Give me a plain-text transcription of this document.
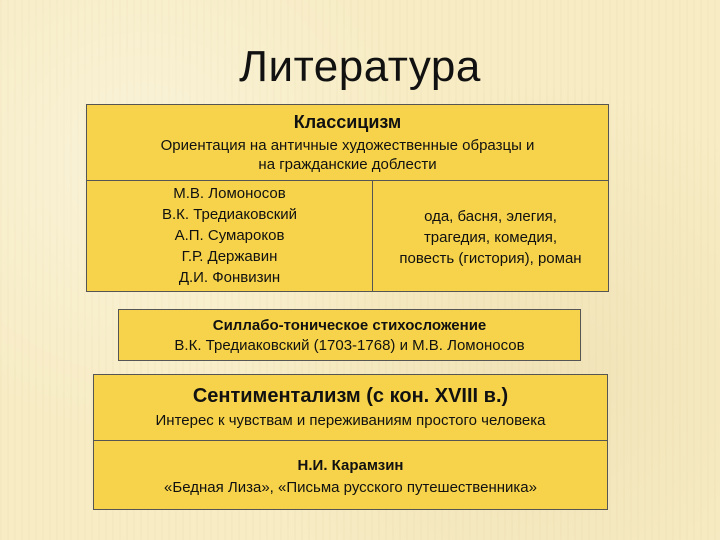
Литература
Классицизм
Ориентация на античные художественные образцы и
на гражданские доблести
М.В. Ломоносов
В.К. Тредиаковский
А.П. Сумароков
Г.Р. Державин
Д.И. Фонвизин
ода, басня, элегия,
трагедия, комедия,
повесть (гистория), роман
Силлабо-тоническое стихосложение
В.К. Тредиаковский (1703-1768) и М.В. Ломоносов
Сентиментализм (с кон. XVIII в.)
Интерес к чувствам и переживаниям простого человека
Н.И. Карамзин
«Бедная Лиза», «Письма русского путешественника»
